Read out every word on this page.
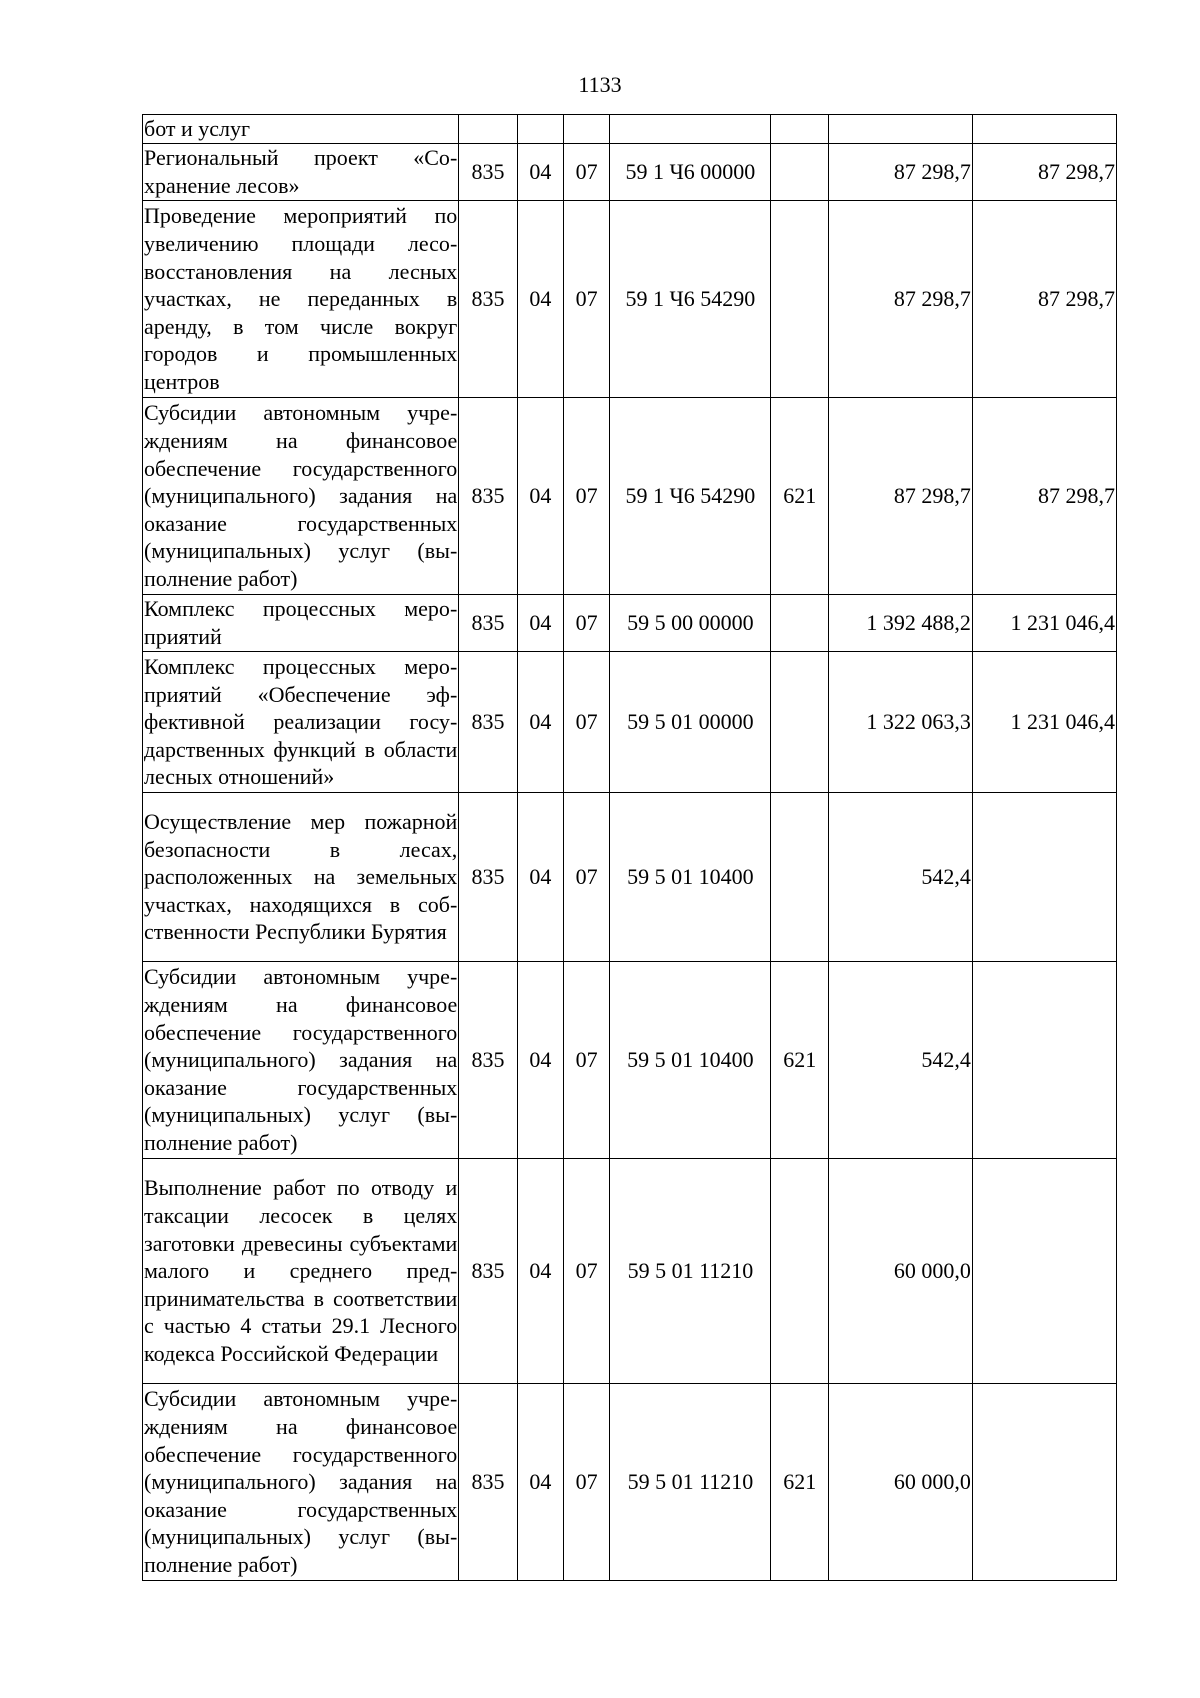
1133
бот и услуг							
Региональный проект «Сохранение лесов»	835	04	07	59 1 Ч6 00000		87 298,7	87 298,7
Проведение мероприятий по увеличению площади лесовосстановления на лесных участках, не переданных в аренду, в том числе вокруг городов и промышленных центров	835	04	07	59 1 Ч6 54290		87 298,7	87 298,7
Субсидии автономным учреждениям на финансовое обеспечение государственного (муниципального) задания на оказание государственных (муниципальных) услуг (выполнение работ)	835	04	07	59 1 Ч6 54290	621	87 298,7	87 298,7
Комплекс процессных мероприятий	835	04	07	59 5 00 00000		1 392 488,2	1 231 046,4
Комплекс процессных мероприятий «Обеспечение эффективной реализации государственных функций в области лесных отношений»	835	04	07	59 5 01 00000		1 322 063,3	1 231 046,4
Осуществление мер пожарной безопасности в лесах, расположенных на земельных участках, находящихся в собственности Республики Бурятия	835	04	07	59 5 01 10400		542,4	
Субсидии автономным учреждениям на финансовое обеспечение государственного (муниципального) задания на оказание государственных (муниципальных) услуг (выполнение работ)	835	04	07	59 5 01 10400	621	542,4	
Выполнение работ по отводу и таксации лесосек в целях заготовки древесины субъектами малого и среднего предпринимательства в соответствии с частью 4 статьи 29.1 Лесного кодекса Российской Федерации	835	04	07	59 5 01 11210		60 000,0	
Субсидии автономным учреждениям на финансовое обеспечение государственного (муниципального) задания на оказание государственных (муниципальных) услуг (выполнение работ)	835	04	07	59 5 01 11210	621	60 000,0	
